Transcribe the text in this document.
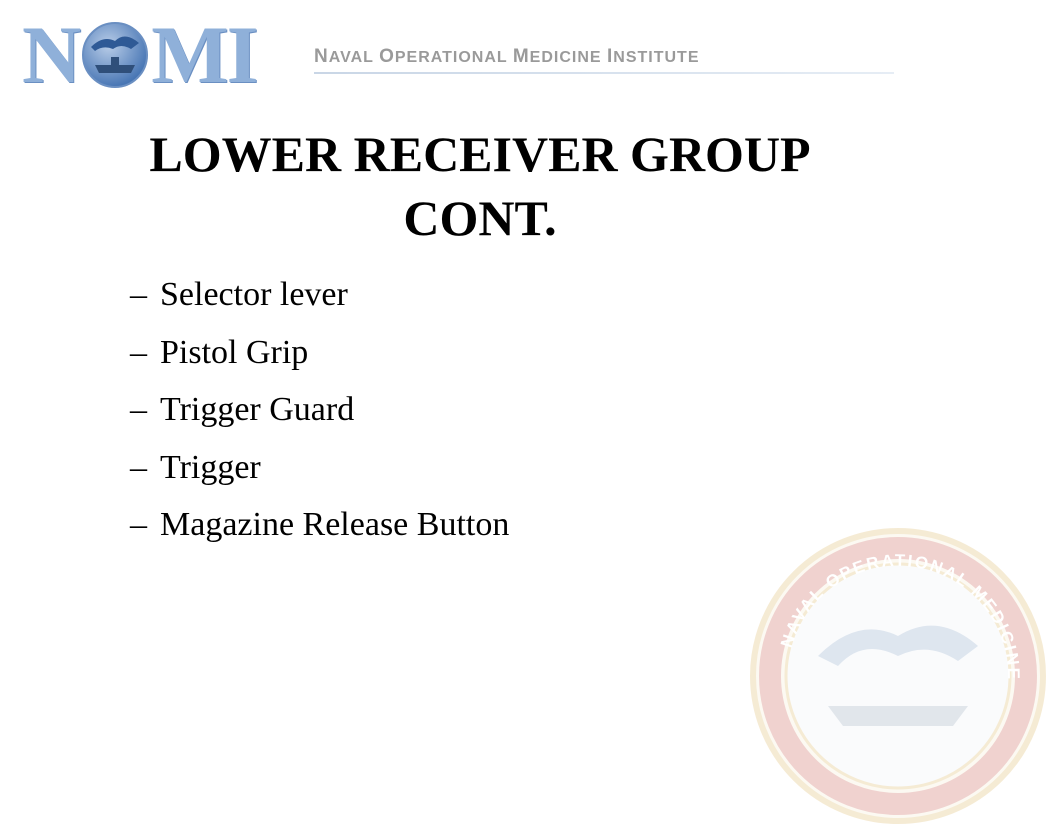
N M I	NAVAL OPERATIONAL MEDICINE INSTITUTE
LOWER RECEIVER GROUP
CONT.
– Selector lever
– Pistol Grip
– Trigger Guard
– Trigger
– Magazine Release Button
NAVAL OPERATIONAL MEDICINE
